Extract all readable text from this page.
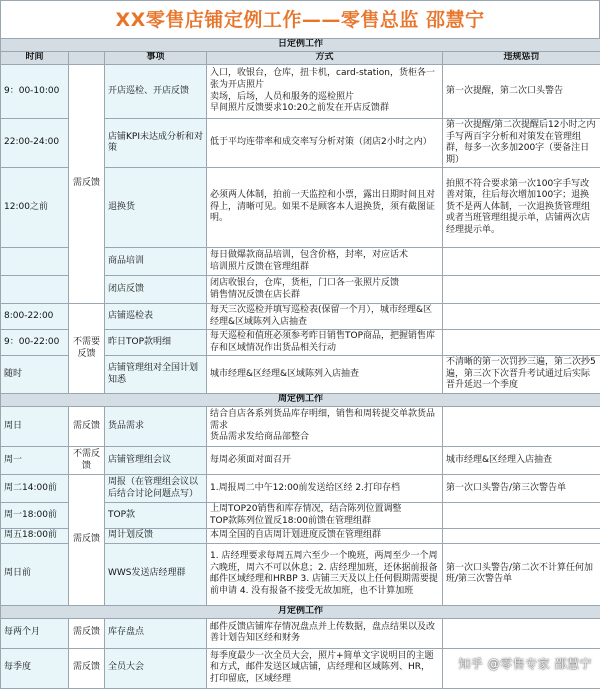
XX零售店铺定例工作——零售总监 邵慧宁
日定例工作				
时间		事项	方式	违规惩罚
9：00-10:00	需反馈	开店巡检、开店反馈	入口，收银台，仓库，扭卡机，card-station，货柜各一张为开店照片
卖场，后场，人员和服务的巡检照片
早间照片反馈要求10:20之前发在开店反馈群	第一次提醒，第二次口头警告
22:00-24:00		店铺KPI未达成分析和对策	低于平均连带率和成交率写分析对策（闭店2小时之内）	第一次提醒/第二次提醒后12小时之内手写两百字分析和对策发在管理组群，每多一次多加200字（要备注日期）
12:00之前		退换货	必须两人体制，拍前一天监控和小票，露出日期时间且对得上，清晰可见。如果不是顾客本人退换货，须有截图证明。	拍照不符合要求第一次100字手写改善对策，往后每次增加100字；退换货不是两人体制，一次退换货管理组或者当班管理组提示单，店铺两次店经理提示单。
		商品培训	每日做爆款商品培训，包含价格，封率，对应话术
培训照片反馈在管理组群	
		闭店反馈	闭店收银台，仓库，货柜，门口各一张照片反馈
销售情况反馈在店长群	
8:00-22:00	不需要反馈	店铺巡检表	每天三次巡检并填写巡检表(保留一个月），城市经理&区经理&区域陈列入店抽查	
9：00-22:00		昨日TOP款明细	每天巡检和值班必须参考昨日销售TOP商品，把握销售库存和区域情况作出货品相关行动	
随时		店铺管理组对全国计划知悉	城市经理&区经理&区域陈列入店抽查	不清晰的第一次罚抄三遍，第二次抄5遍，第三次下次晋升考试通过后实际晋升延迟一个季度
周定例工作				
周日	需反馈	货品需求	结合自店各系列货品库存明细，销售和周转提交单款货品需求
货品需求发给商品部整合	
周一	不需反馈	店铺管理组会议	每周必须面对面召开	城市经理&区经理入店抽查
周二14:00前	需反馈	周报（在管理组会议以后结合讨论问题点写）	1.周报周二中午12:00前发送给区经 2.打印存档	第一次口头警告/第三次警告单
周一18:00前		TOP款	上周TOP20销售和库存情况，结合陈列位置调整
TOP款陈列位置反18:00前馈在管理组群	
周五18:00前		周计划反馈	本周全国的自店周计划进度反馈在管理组群	
周日前		WWS发送店经理群	1. 店经理要求每周五周六至少一个晚班，两周至少一个周六晚班，周六不可以休息；2. 店经理加班，还休据前报备邮件区域经理和HRBP 3. 店铺三天及以上任何假期需要提前申请 4. 没有报备不接受无故加班，也不计算加班	第一次口头警告/第二次不计算任何加班/第三次警告单
月定例工作				
每两个月	需反馈	库存盘点	邮件反馈店铺库存情况盘点并上传数据，盘点结果以及改善计划告知区经和财务	
每季度	需反馈	全员大会	每季度最少一次全员大会，照片+简单文字说明目的主题和方式，邮件发送区域店铺，店经理和区域陈列、HR，打印留底，区域经理	
知乎 @零售专家 邵慧宁
